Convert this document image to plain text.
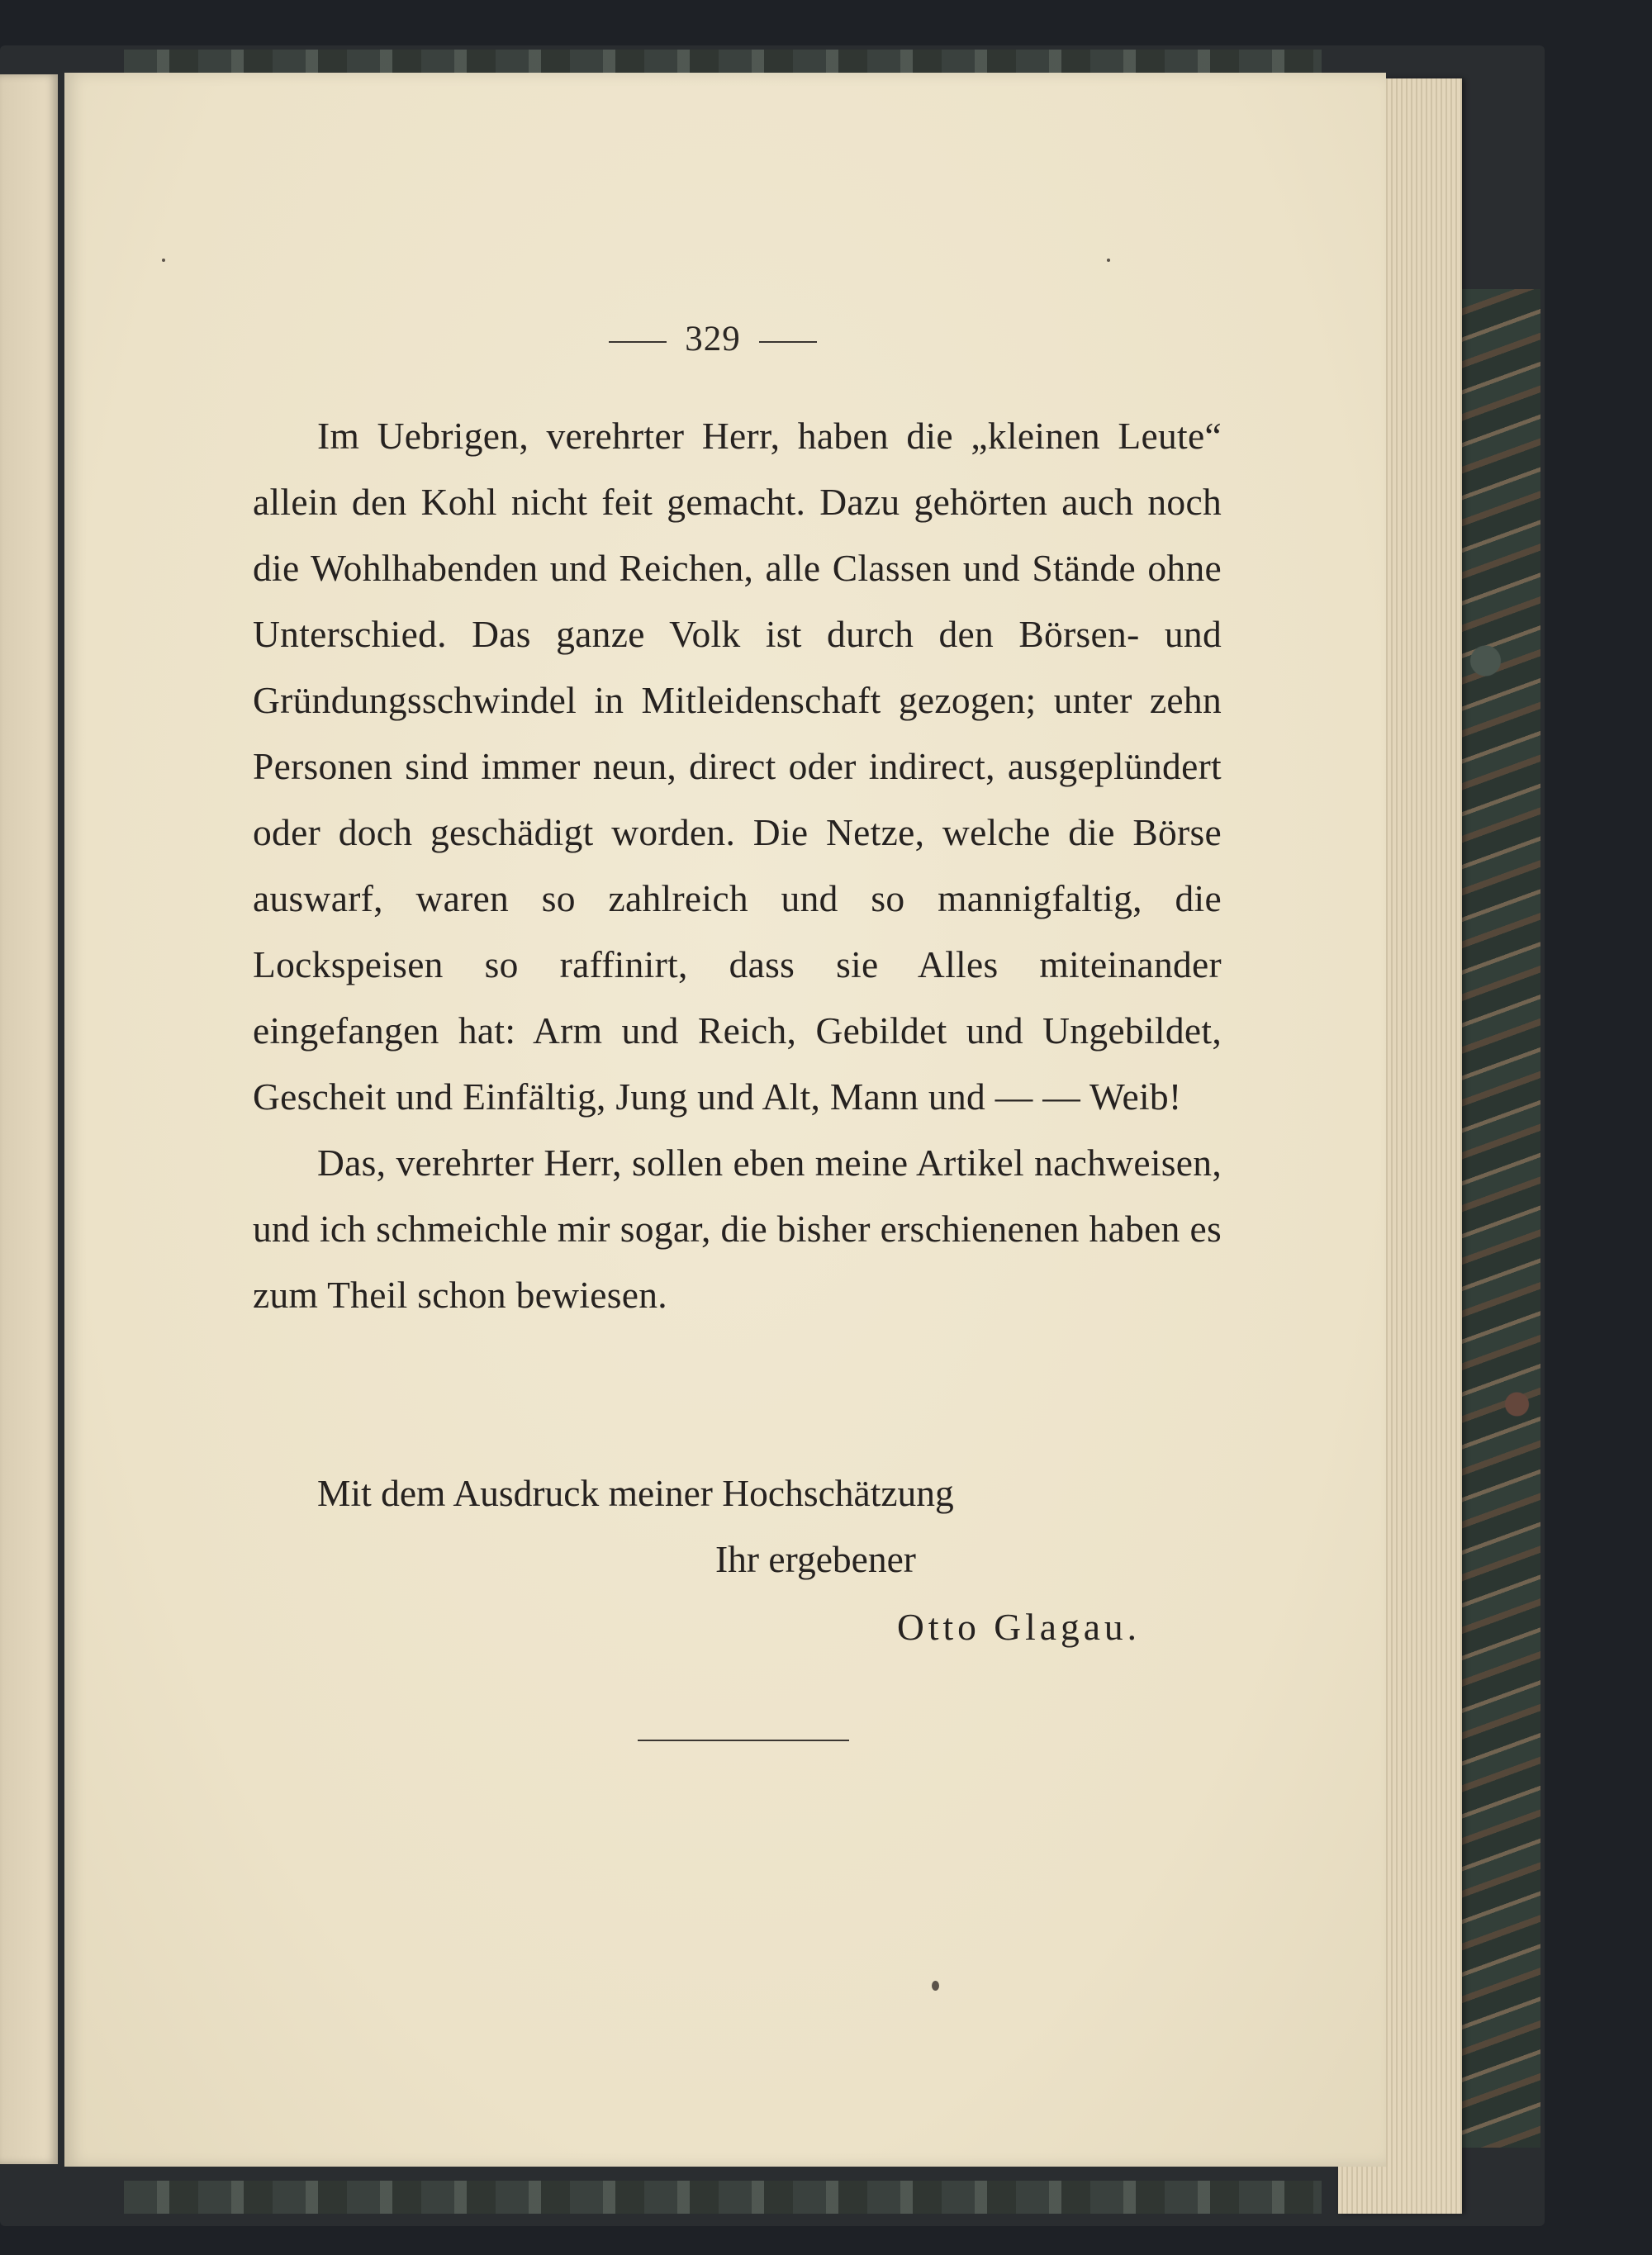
329

Im Uebrigen, verehrter Herr, haben die „kleinen Leute“ allein den Kohl nicht feit gemacht. Dazu gehörten auch noch die Wohlhabenden und Reichen, alle Classen und Stände ohne Unterschied. Das ganze Volk ist durch den Börsen- und Gründungsschwindel in Mitleidenschaft gezogen; unter zehn Personen sind immer neun, direct oder indirect, ausgeplündert oder doch geschädigt worden. Die Netze, welche die Börse auswarf, waren so zahlreich und so mannigfaltig, die Lockspeisen so raffinirt, dass sie Alles miteinander eingefangen hat: Arm und Reich, Gebildet und Ungebildet, Gescheit und Einfältig, Jung und Alt, Mann und — — Weib!

Das, verehrter Herr, sollen eben meine Artikel nachweisen, und ich schmeichle mir sogar, die bisher erschienenen haben es zum Theil schon bewiesen.

Mit dem Ausdruck meiner Hochschätzung
Ihr ergebener
Otto Glagau.
